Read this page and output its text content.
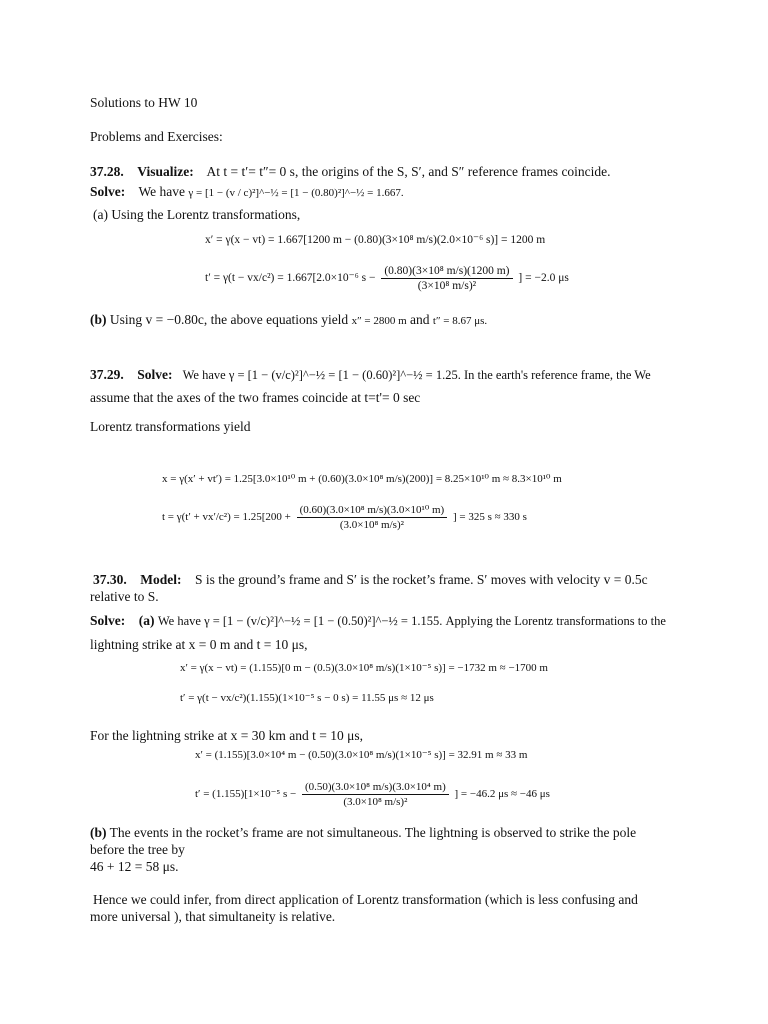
Solutions to HW 10
Problems and Exercises:
37.28. Visualize: At t = t′= t″= 0 s, the origins of the S, S′, and S″ reference frames coincide.
Solve: We have γ = [1 − (v / c)²]^−½ = [1 − (0.80)²]^−½ = 1.667.
(a) Using the Lorentz transformations,
x′ = γ(x − vt) = 1.667[1200 m − (0.80)(3×10⁸ m/s)(2.0×10⁻⁶ s)] = 1200 m
t′ = γ(t − vx/c²) = 1.667[2.0×10⁻⁶ $s - \frac{\text{(0.80)(3×10⁸ m/s)(1200 m)}}{\text{(3×10⁸ m/s)²}}$ ] = −2.0 μs
(b) Using v = −0.80c, the above equations yield x″ = 2800 m and t″ = 8.67 μs.
37.29. Solve: We have γ = [1 − (v/c)²]^−½ = [1 − (0.60)²]^−½ = 1.25. In the earth's reference frame, the We
assume that the axes of the two frames coincide at t=t'= 0 sec
Lorentz transformations yield
x = γ(x′ + vt′) = 1.25[3.0×10¹⁰ m + (0.60)(3.0×10⁸ m/s)(200)] = 8.25×10¹⁰ m ≈ 8.3×10¹⁰ m
$t = \gamma(t' + vx'/c^2) = 1.25[200 + \frac{\text{(0.60)(3.0×10⁸ m/s)(3.0×10¹⁰ m)}}{\text{(3.0×10⁸ m/s)²}}$ ] = 325 s ≈ 330 s
37.30. Model: S is the ground’s frame and S′ is the rocket’s frame. S′ moves with velocity v = 0.5c
relative to S.
Solve: (a) We have γ = [1 − (v/c)²]^−½ = [1 − (0.50)²]^−½ = 1.155. Applying the Lorentz transformations to the
lightning strike at x = 0 m and t = 10 μs,
x′ = γ(x − vt) = (1.155)[0 m − (0.5)(3.0×10⁸ m/s)(1×10⁻⁵ s)] = −1732 m ≈ −1700 m
t′ = γ(t − vx/c²)(1.155)(1×10⁻⁵ s − 0 s) = 11.55 μs ≈ 12 μs
For the lightning strike at x = 30 km and t = 10 μs,
x′ = (1.155)[3.0×10⁴ m − (0.50)(3.0×10⁸ m/s)(1×10⁻⁵ s)] = 32.91 m ≈ 33 m
t′ = (1.155)[1×10⁻⁵ $s - \frac{\text{(0.50)(3.0×10⁸ m/s)(3.0×10⁴ m)}}{\text{(3.0×10⁸ m/s)²}}$ ] = −46.2 μs ≈ −46 μs
(b) The events in the rocket’s frame are not simultaneous. The lightning is observed to strike the pole
before the tree by
46 + 12 = 58 μs.
Hence we could infer, from direct application of Lorentz transformation (which is less confusing and
more universal ), that simultaneity is relative.
